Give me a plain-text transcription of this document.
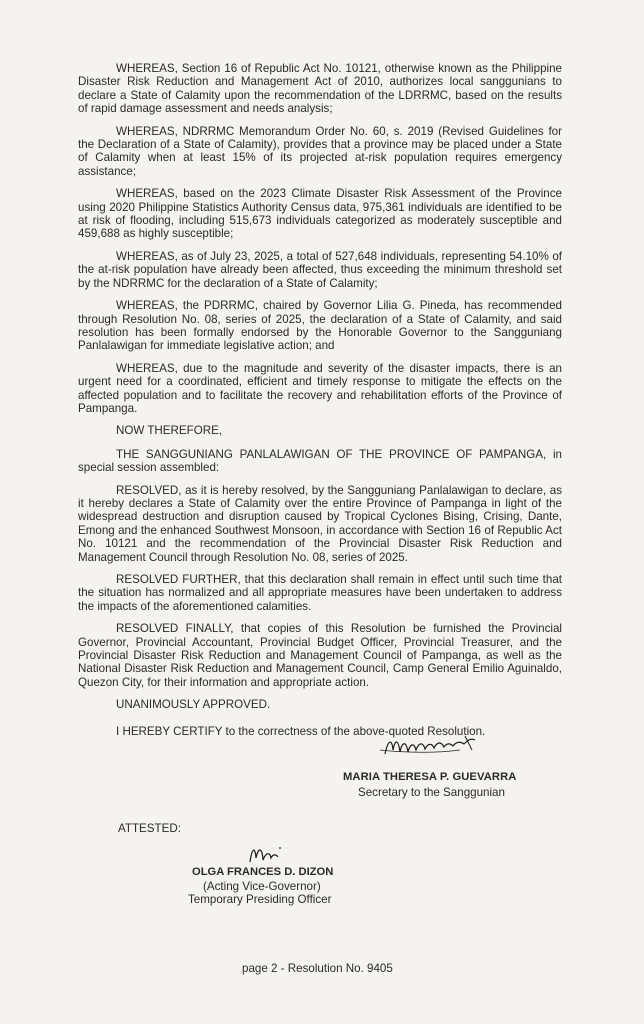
WHEREAS, Section 16 of Republic Act No. 10121, otherwise known as the Philippine Disaster Risk Reduction and Management Act of 2010, authorizes local sanggunians to declare a State of Calamity upon the recommendation of the LDRRMC, based on the results of rapid damage assessment and needs analysis;

WHEREAS, NDRRMC Memorandum Order No. 60, s. 2019 (Revised Guidelines for the Declaration of a State of Calamity), provides that a province may be placed under a State of Calamity when at least 15% of its projected at-risk population requires emergency assistance;

WHEREAS, based on the 2023 Climate Disaster Risk Assessment of the Province using 2020 Philippine Statistics Authority Census data, 975,361 individuals are identified to be at risk of flooding, including 515,673 individuals categorized as moderately susceptible and 459,688 as highly susceptible;

WHEREAS, as of July 23, 2025, a total of 527,648 individuals, representing 54.10% of the at-risk population have already been affected, thus exceeding the minimum threshold set by the NDRRMC for the declaration of a State of Calamity;

WHEREAS, the PDRRMC, chaired by Governor Lilia G. Pineda, has recommended through Resolution No. 08, series of 2025, the declaration of a State of Calamity, and said resolution has been formally endorsed by the Honorable Governor to the Sangguniang Panlalawigan for immediate legislative action; and

WHEREAS, due to the magnitude and severity of the disaster impacts, there is an urgent need for a coordinated, efficient and timely response to mitigate the effects on the affected population and to facilitate the recovery and rehabilitation efforts of the Province of Pampanga.

NOW THEREFORE,

THE SANGGUNIANG PANLALAWIGAN OF THE PROVINCE OF PAMPANGA, in special session assembled:

RESOLVED, as it is hereby resolved, by the Sangguniang Panlalawigan to declare, as it hereby declares a State of Calamity over the entire Province of Pampanga in light of the widespread destruction and disruption caused by Tropical Cyclones Bising, Crising, Dante, Emong and the enhanced Southwest Monsoon, in accordance with Section 16 of Republic Act No. 10121 and the recommendation of the Provincial Disaster Risk Reduction and Management Council through Resolution No. 08, series of 2025.

RESOLVED FURTHER, that this declaration shall remain in effect until such time that the situation has normalized and all appropriate measures have been undertaken to address the impacts of the aforementioned calamities.

RESOLVED FINALLY, that copies of this Resolution be furnished the Provincial Governor, Provincial Accountant, Provincial Budget Officer, Provincial Treasurer, and the Provincial Disaster Risk Reduction and Management Council of Pampanga, as well as the National Disaster Risk Reduction and Management Council, Camp General Emilio Aguinaldo, Quezon City, for their information and appropriate action.

UNANIMOUSLY APPROVED.

I HEREBY CERTIFY to the correctness of the above-quoted Resolution.
MARIA THERESA P. GUEVARRA
Secretary to the Sanggunian
ATTESTED:
OLGA FRANCES D. DIZON
(Acting Vice-Governor)
Temporary Presiding Officer
page 2 - Resolution No. 9405
